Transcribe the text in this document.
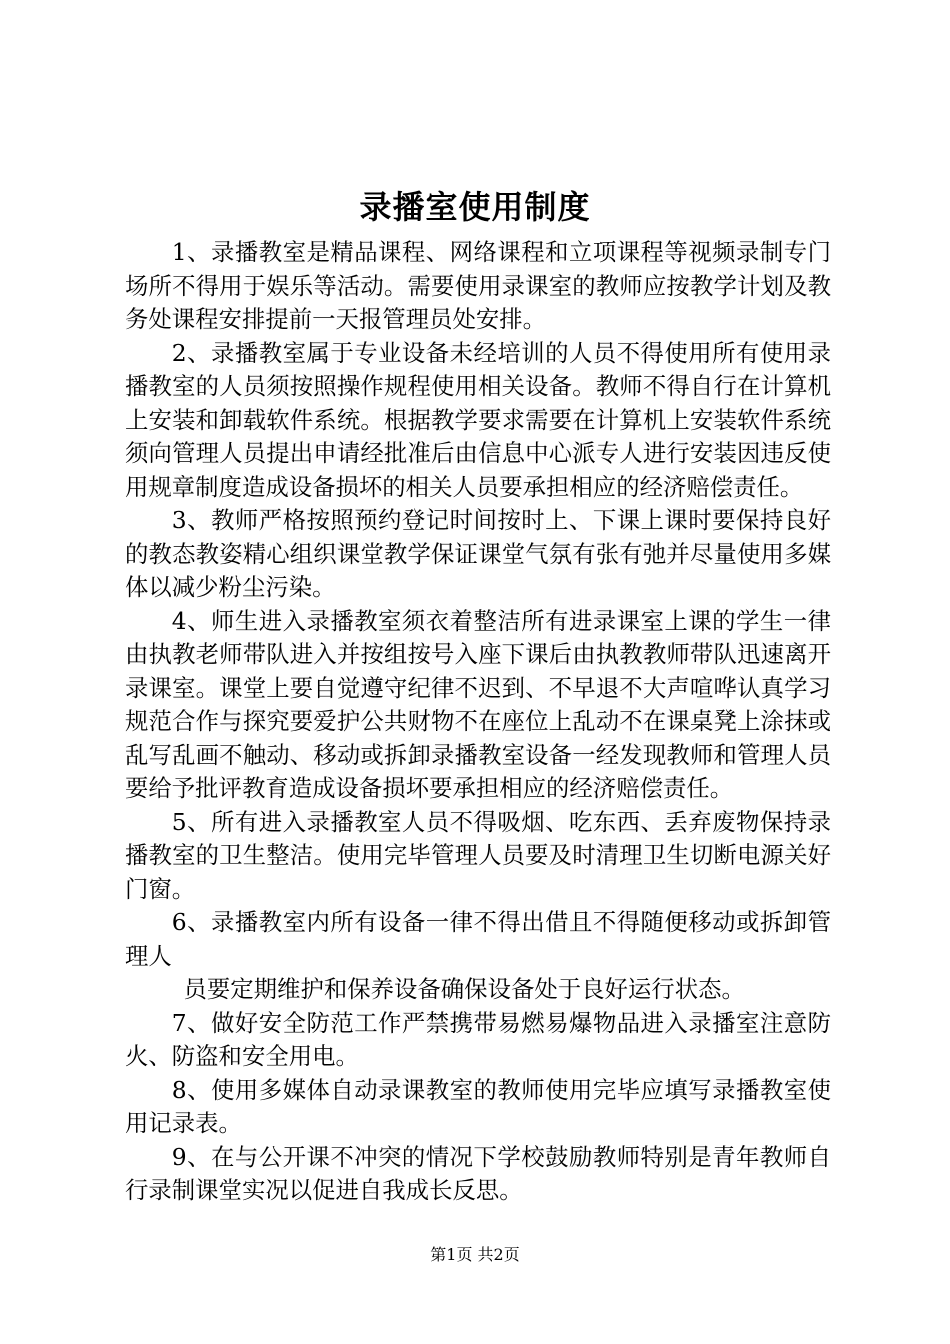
录播室使用制度

1、录播教室是精品课程、网络课程和立项课程等视频录制专门场所不得用于娱乐等活动。需要使用录课室的教师应按教学计划及教务处课程安排提前一天报管理员处安排。

2、录播教室属于专业设备未经培训的人员不得使用所有使用录播教室的人员须按照操作规程使用相关设备。教师不得自行在计算机上安装和卸载软件系统。根据教学要求需要在计算机上安装软件系统须向管理人员提出申请经批准后由信息中心派专人进行安装因违反使用规章制度造成设备损坏的相关人员要承担相应的经济赔偿责任。

3、教师严格按照预约登记时间按时上、下课上课时要保持良好的教态教姿精心组织课堂教学保证课堂气氛有张有弛并尽量使用多媒体以减少粉尘污染。

4、师生进入录播教室须衣着整洁所有进录课室上课的学生一律由执教老师带队进入并按组按号入座下课后由执教教师带队迅速离开录课室。课堂上要自觉遵守纪律不迟到、不早退不大声喧哗认真学习规范合作与探究要爱护公共财物不在座位上乱动不在课桌凳上涂抹或乱写乱画不触动、移动或拆卸录播教室设备一经发现教师和管理人员要给予批评教育造成设备损坏要承担相应的经济赔偿责任。

5、所有进入录播教室人员不得吸烟、吃东西、丢弃废物保持录播教室的卫生整洁。使用完毕管理人员要及时清理卫生切断电源关好门窗。

6、录播教室内所有设备一律不得出借且不得随便移动或拆卸管理人

员要定期维护和保养设备确保设备处于良好运行状态。

7、做好安全防范工作严禁携带易燃易爆物品进入录播室注意防火、防盗和安全用电。

8、使用多媒体自动录课教室的教师使用完毕应填写录播教室使用记录表。

9、在与公开课不冲突的情况下学校鼓励教师特别是青年教师自行录制课堂实况以促进自我成长反思。

第1页 共2页
